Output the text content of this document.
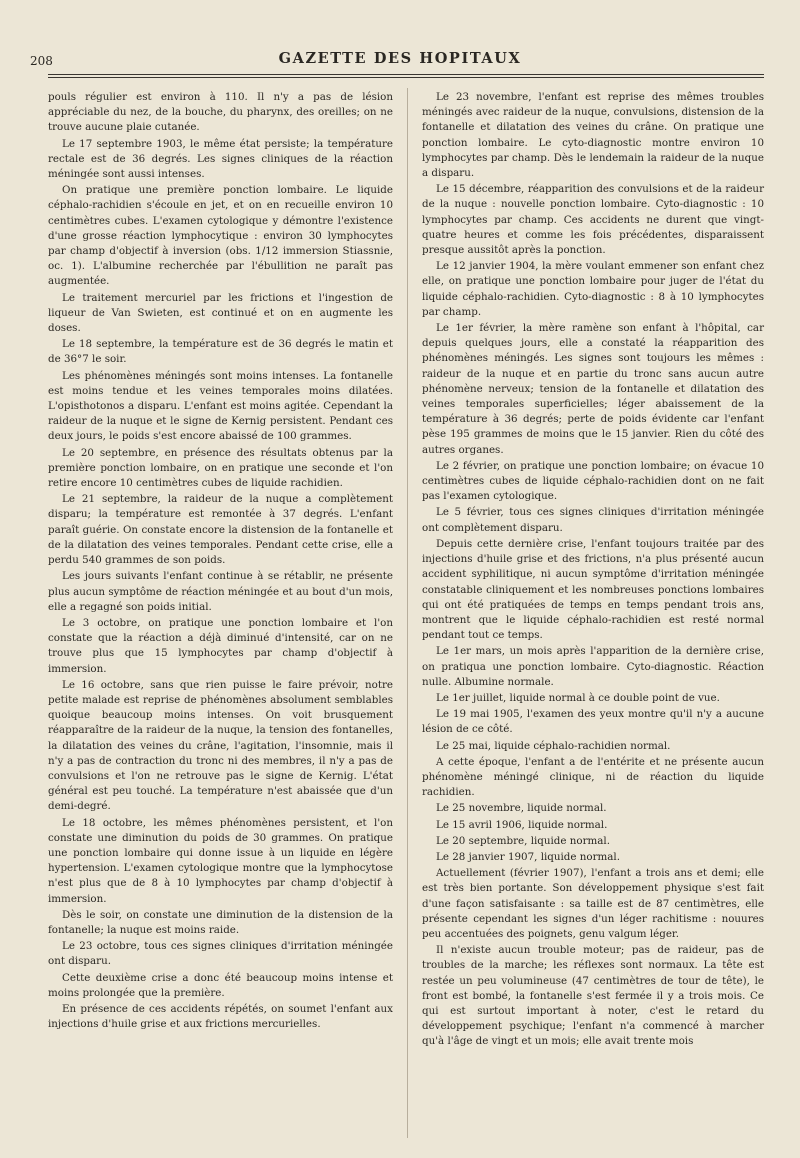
208	GAZETTE DES HOPITAUX

pouls régulier est environ à 110. Il n'y a pas de lésion appréciable du nez, de la bouche, du pharynx, des oreilles; on ne trouve aucune plaie cutanée.

Le 17 septembre 1903, le même état persiste; la température rectale est de 36 degrés. Les signes cliniques de la réaction méningée sont aussi intenses.

On pratique une première ponction lombaire. Le liquide céphalo-rachidien s'écoule en jet, et on en recueille environ 10 centimètres cubes. L'examen cytologique y démontre l'existence d'une grosse réaction lymphocytique : environ 30 lymphocytes par champ d'objectif à inversion (obs. 1/12 immersion Stiassnie, oc. 1). L'albumine recherchée par l'ébullition ne paraît pas augmentée.

Le traitement mercuriel par les frictions et l'ingestion de liqueur de Van Swieten, est continué et on en augmente les doses.

Le 18 septembre, la température est de 36 degrés le matin et de 36°7 le soir.

Les phénomènes méningés sont moins intenses. La fontanelle est moins tendue et les veines temporales moins dilatées. L'opisthotonos a disparu. L'enfant est moins agitée. Cependant la raideur de la nuque et le signe de Kernig persistent. Pendant ces deux jours, le poids s'est encore abaissé de 100 grammes.

Le 20 septembre, en présence des résultats obtenus par la première ponction lombaire, on en pratique une seconde et l'on retire encore 10 centimètres cubes de liquide rachidien.

Le 21 septembre, la raideur de la nuque a complètement disparu; la température est remontée à 37 degrés. L'enfant paraît guérie. On constate encore la distension de la fontanelle et de la dilatation des veines temporales. Pendant cette crise, elle a perdu 540 grammes de son poids.

Les jours suivants l'enfant continue à se rétablir, ne présente plus aucun symptôme de réaction méningée et au bout d'un mois, elle a regagné son poids initial.

Le 3 octobre, on pratique une ponction lombaire et l'on constate que la réaction a déjà diminué d'intensité, car on ne trouve plus que 15 lymphocytes par champ d'objectif à immersion.

Le 16 octobre, sans que rien puisse le faire prévoir, notre petite malade est reprise de phénomènes absolument semblables quoique beaucoup moins intenses. On voit brusquement réapparaître de la raideur de la nuque, la tension des fontanelles, la dilatation des veines du crâne, l'agitation, l'insomnie, mais il n'y a pas de contraction du tronc ni des membres, il n'y a pas de convulsions et l'on ne retrouve pas le signe de Kernig. L'état général est peu touché. La température n'est abaissée que d'un demi-degré.

Le 18 octobre, les mêmes phénomènes persistent, et l'on constate une diminution du poids de 30 grammes. On pratique une ponction lombaire qui donne issue à un liquide en légère hypertension. L'examen cytologique montre que la lymphocytose n'est plus que de 8 à 10 lymphocytes par champ d'objectif à immersion.

Dès le soir, on constate une diminution de la distension de la fontanelle; la nuque est moins raide.

Le 23 octobre, tous ces signes cliniques d'irritation méningée ont disparu.

Cette deuxième crise a donc été beaucoup moins intense et moins prolongée que la première.

En présence de ces accidents répétés, on soumet l'enfant aux injections d'huile grise et aux frictions mercurielles.

Le 23 novembre, l'enfant est reprise des mêmes troubles méningés avec raideur de la nuque, convulsions, distension de la fontanelle et dilatation des veines du crâne. On pratique une ponction lombaire. Le cyto-diagnostic montre environ 10 lymphocytes par champ. Dès le lendemain la raideur de la nuque a disparu.

Le 15 décembre, réapparition des convulsions et de la raideur de la nuque : nouvelle ponction lombaire. Cyto-diagnostic : 10 lymphocytes par champ. Ces accidents ne durent que vingt-quatre heures et comme les fois précédentes, disparaissent presque aussitôt après la ponction.

Le 12 janvier 1904, la mère voulant emmener son enfant chez elle, on pratique une ponction lombaire pour juger de l'état du liquide céphalo-rachidien. Cyto-diagnostic : 8 à 10 lymphocytes par champ.

Le 1er février, la mère ramène son enfant à l'hôpital, car depuis quelques jours, elle a constaté la réapparition des phénomènes méningés. Les signes sont toujours les mêmes : raideur de la nuque et en partie du tronc sans aucun autre phénomène nerveux; tension de la fontanelle et dilatation des veines temporales superficielles; léger abaissement de la température à 36 degrés; perte de poids évidente car l'enfant pèse 195 grammes de moins que le 15 janvier. Rien du côté des autres organes.

Le 2 février, on pratique une ponction lombaire; on évacue 10 centimètres cubes de liquide céphalo-rachidien dont on ne fait pas l'examen cytologique.

Le 5 février, tous ces signes cliniques d'irritation méningée ont complètement disparu.

Depuis cette dernière crise, l'enfant toujours traitée par des injections d'huile grise et des frictions, n'a plus présenté aucun accident syphilitique, ni aucun symptôme d'irritation méningée constatable cliniquement et les nombreuses ponctions lombaires qui ont été pratiquées de temps en temps pendant trois ans, montrent que le liquide céphalo-rachidien est resté normal pendant tout ce temps.

Le 1er mars, un mois après l'apparition de la dernière crise, on pratiqua une ponction lombaire. Cyto-diagnostic. Réaction nulle. Albumine normale.

Le 1er juillet, liquide normal à ce double point de vue.

Le 19 mai 1905, l'examen des yeux montre qu'il n'y a aucune lésion de ce côté.

Le 25 mai, liquide céphalo-rachidien normal.

A cette époque, l'enfant a de l'entérite et ne présente aucun phénomène méningé clinique, ni de réaction du liquide rachidien.

Le 25 novembre, liquide normal.

Le 15 avril 1906, liquide normal.

Le 20 septembre, liquide normal.

Le 28 janvier 1907, liquide normal.

Actuellement (février 1907), l'enfant a trois ans et demi; elle est très bien portante. Son développement physique s'est fait d'une façon satisfaisante : sa taille est de 87 centimètres, elle présente cependant les signes d'un léger rachitisme : nouures peu accentuées des poignets, genu valgum léger.

Il n'existe aucun trouble moteur; pas de raideur, pas de troubles de la marche; les réflexes sont normaux. La tête est restée un peu volumineuse (47 centimètres de tour de tête), le front est bombé, la fontanelle s'est fermée il y a trois mois. Ce qui est surtout important à noter, c'est le retard du développement psychique; l'enfant n'a commencé à marcher qu'à l'âge de vingt et un mois; elle avait trente mois
